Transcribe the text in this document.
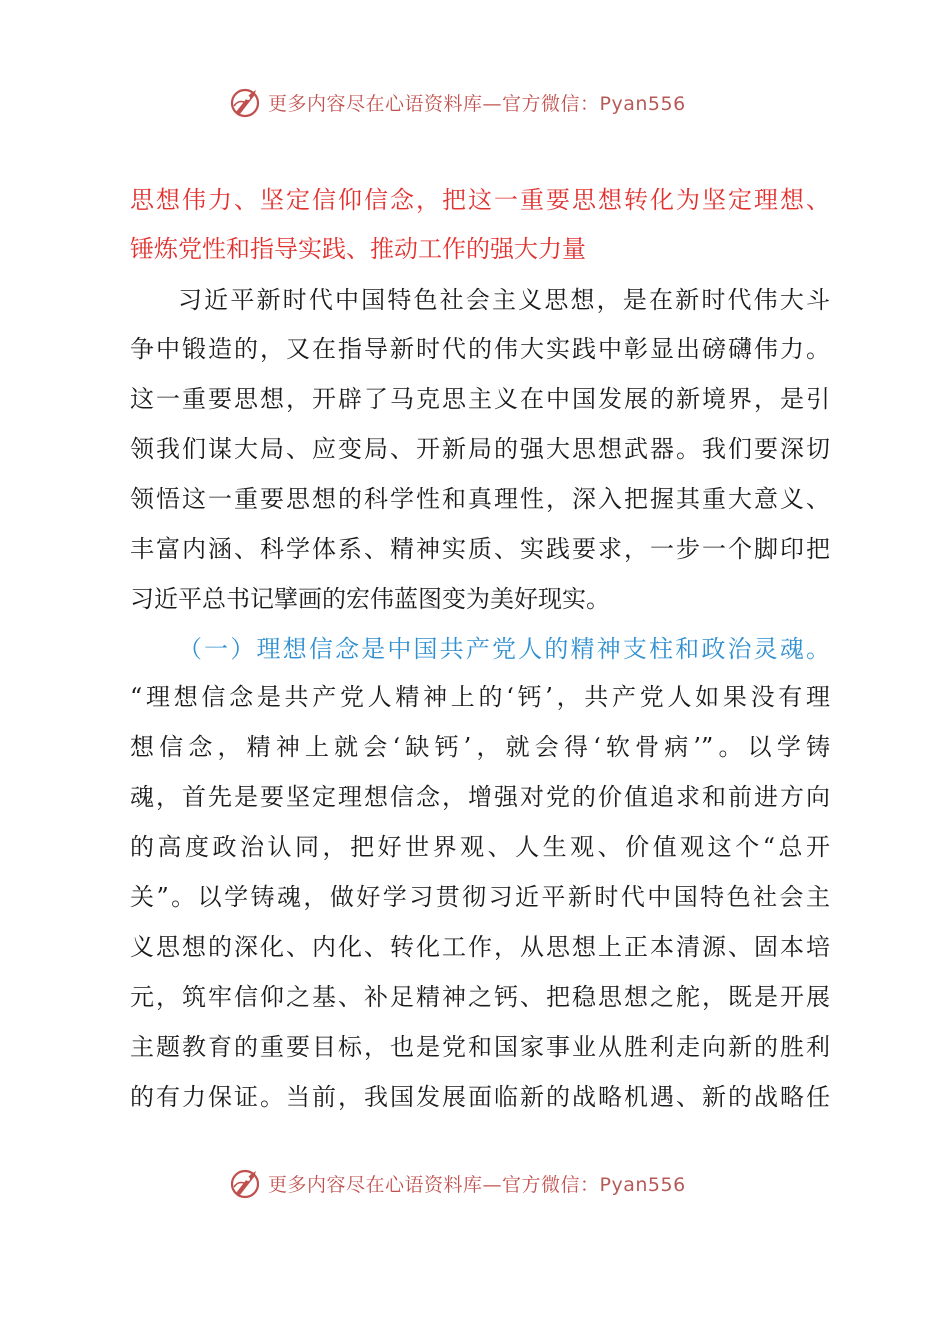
更多内容尽在心语资料库—官方微信：Pyan556
思想伟力、坚定信仰信念，把这一重要思想转化为坚定理想、
锤炼党性和指导实践、推动工作的强大力量
习近平新时代中国特色社会主义思想，是在新时代伟大斗
争中锻造的，又在指导新时代的伟大实践中彰显出磅礴伟力。
这一重要思想，开辟了马克思主义在中国发展的新境界，是引
领我们谋大局、应变局、开新局的强大思想武器。我们要深切
领悟这一重要思想的科学性和真理性，深入把握其重大意义、
丰富内涵、科学体系、精神实质、实践要求，一步一个脚印把
习近平总书记擘画的宏伟蓝图变为美好现实。
（一）理想信念是中国共产党人的精神支柱和政治灵魂。
“理想信念是共产党人精神上的‘钙’，共产党人如果没有理
想信念，精神上就会‘缺钙’，就会得‘软骨病’”。以学铸
魂，首先是要坚定理想信念，增强对党的价值追求和前进方向
的高度政治认同，把好世界观、人生观、价值观这个“总开
关”。以学铸魂，做好学习贯彻习近平新时代中国特色社会主
义思想的深化、内化、转化工作，从思想上正本清源、固本培
元，筑牢信仰之基、补足精神之钙、把稳思想之舵，既是开展
主题教育的重要目标，也是党和国家事业从胜利走向新的胜利
的有力保证。当前，我国发展面临新的战略机遇、新的战略任
更多内容尽在心语资料库—官方微信：Pyan556
